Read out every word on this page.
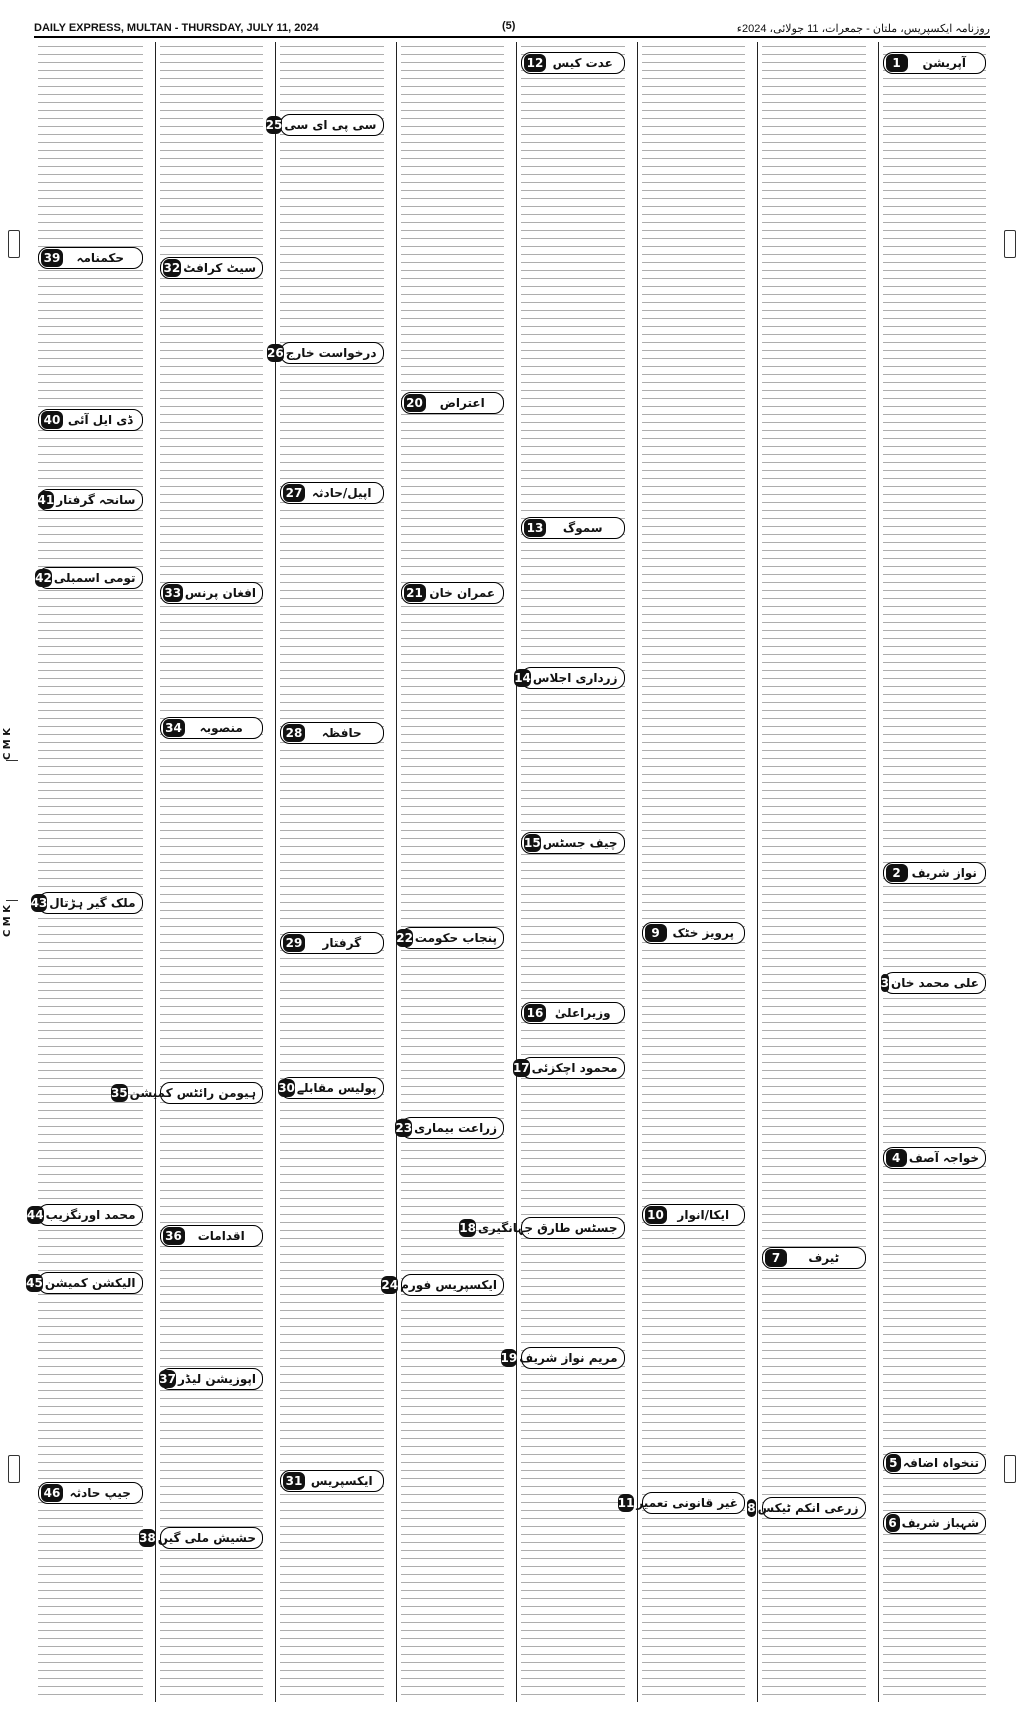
C M K
C M K
DAILY EXPRESS, MULTAN - THURSDAY, JULY 11, 2024	(5)	روزنامہ ایکسپریس، ملتان - جمعرات، 11 جولائی، 2024ء
حکمنامہ
39
ڈی ایل آئی
40
سانحہ گرفتار
41
تومی اسمبلی
42
ملک گیر ہڑتال
43
محمد اورنگزیب
44
الیکشن کمیشن
45
جیپ حادثہ
46
سیٹ کرافٹ
32
افغان پرنس
33
منصوبہ
34
ہیومن رائٹس کمیشن
35
اقدامات
36
اپوزیشن لیڈر
37
حشیش ملی گیں
38
سی پی ای سی
25
درخواست خارج
26
اپیل/حادثہ
27
حافظہ
28
گرفتار
29
پولیس مقابلے
30
ایکسپریس
31
اعتراض
20
عمران خان
21
پنجاب حکومت
22
زراعت بیماری
23
ایکسپریس فورم
24
عدت کیس
12
سموگ
13
زرداری اجلاس
14
چیف جسٹس
15
وزیراعلیٰ
16
محمود اچکزئی
17
جسٹس طارق جہانگیری
18
مریم نواز شریف
19
پرویز خٹک
9
ایکا/انوار
10
غیر قانونی تعمیر
11
ٹیرف
7
زرعی انکم ٹیکس
8
آپریشن
1
نواز شریف
2
علی محمد خان
3
خواجہ آصف
4
تنخواہ اضافہ
5
شہباز شریف
6
